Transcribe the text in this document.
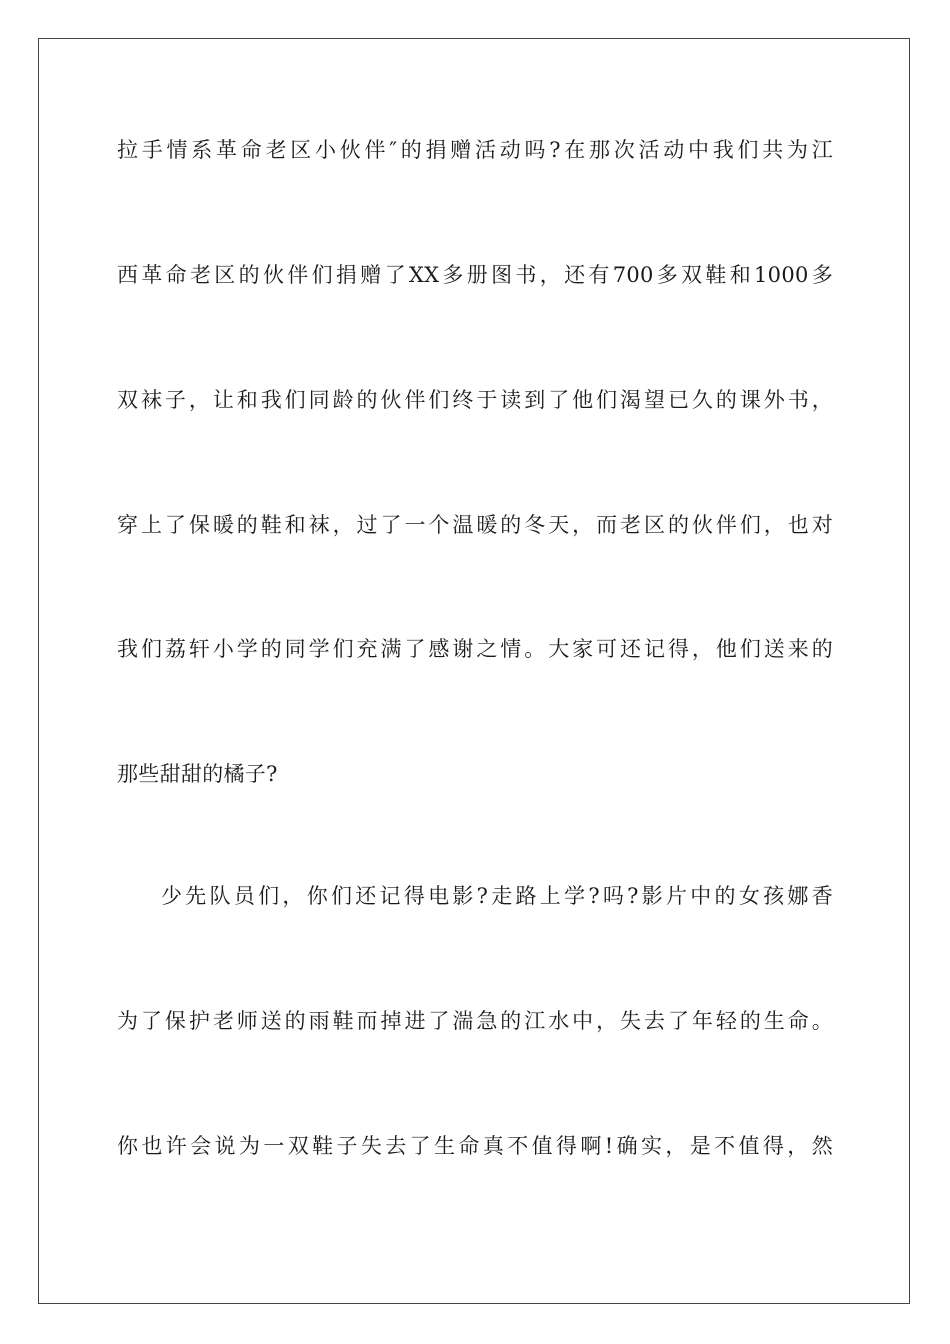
拉手情系革命老区小伙伴″的捐赠活动吗?在那次活动中我们共为江
西革命老区的伙伴们捐赠了XX多册图书，还有700多双鞋和1000多
双袜子，让和我们同龄的伙伴们终于读到了他们渴望已久的课外书，
穿上了保暖的鞋和袜，过了一个温暖的冬天，而老区的伙伴们，也对
我们荔轩小学的同学们充满了感谢之情。大家可还记得，他们送来的
那些甜甜的橘子?
少先队员们，你们还记得电影?走路上学?吗?影片中的女孩娜香
为了保护老师送的雨鞋而掉进了湍急的江水中，失去了年轻的生命。
你也许会说为一双鞋子失去了生命真不值得啊!确实，是不值得，然
